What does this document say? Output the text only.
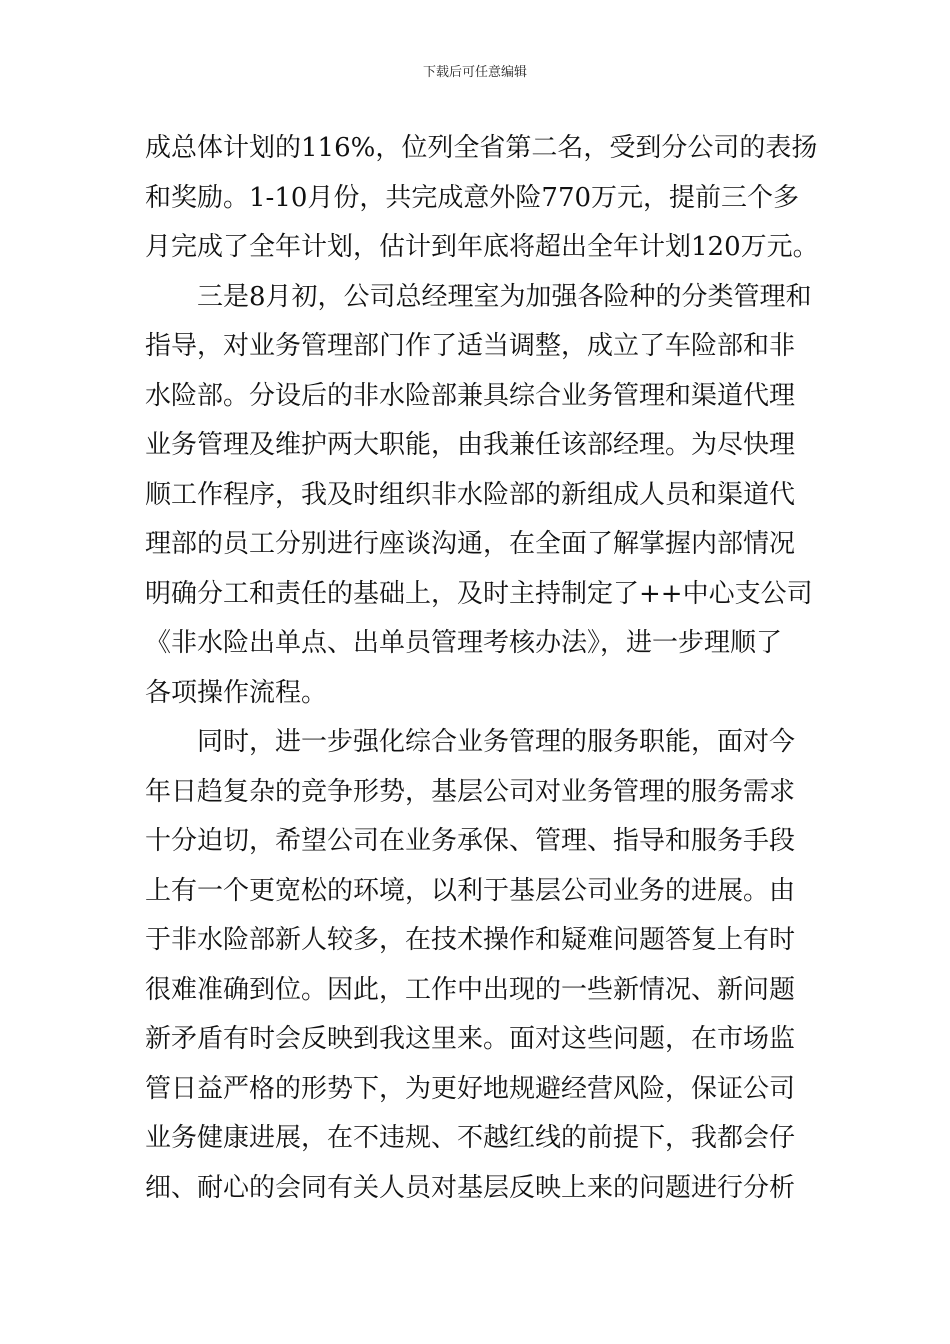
下载后可任意编辑
成总体计划的116%，位列全省第二名，受到分公司的表扬
和奖励。1-10月份，共完成意外险770万元，提前三个多
月完成了全年计划，估计到年底将超出全年计划120万元。
三是8月初，公司总经理室为加强各险种的分类管理和
指导，对业务管理部门作了适当调整，成立了车险部和非
水险部。分设后的非水险部兼具综合业务管理和渠道代理
业务管理及维护两大职能，由我兼任该部经理。为尽快理
顺工作程序，我及时组织非水险部的新组成人员和渠道代
理部的员工分别进行座谈沟通，在全面了解掌握内部情况
明确分工和责任的基础上，及时主持制定了++中心支公司
《非水险出单点、出单员管理考核办法》，进一步理顺了
各项操作流程。
同时，进一步强化综合业务管理的服务职能，面对今
年日趋复杂的竞争形势，基层公司对业务管理的服务需求
十分迫切，希望公司在业务承保、管理、指导和服务手段
上有一个更宽松的环境，以利于基层公司业务的进展。由
于非水险部新人较多，在技术操作和疑难问题答复上有时
很难准确到位。因此，工作中出现的一些新情况、新问题
新矛盾有时会反映到我这里来。面对这些问题，在市场监
管日益严格的形势下，为更好地规避经营风险，保证公司
业务健康进展，在不违规、不越红线的前提下，我都会仔
细、耐心的会同有关人员对基层反映上来的问题进行分析
